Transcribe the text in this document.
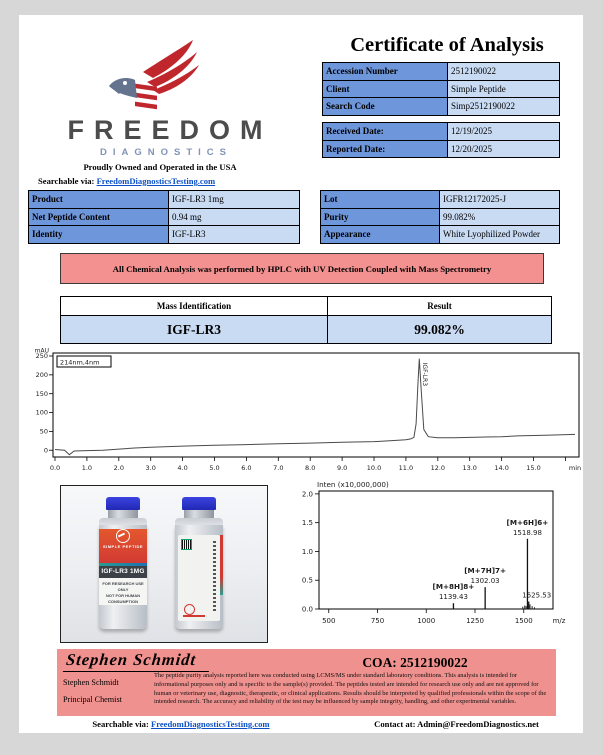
FREEDOM
DIAGNOSTICS
Proudly Owned and Operated in the USA
Searchable via: FreedomDiagnosticsTesting.com
Certificate of Analysis
Accession Number	2512190022
Client	Simple Peptide
Search Code	Simp2512190022
Received Date:	12/19/2025
Reported Date:	12/20/2025
Product	IGF-LR3 1mg
Net Peptide Content	0.94 mg
Identity	IGF-LR3
Lot	IGFR12172025-J
Purity	99.082%
Appearance	White Lyophilized Powder
All Chemical Analysis was performed by HPLC with UV Detection Coupled with Mass Spectrometry
Mass Identification	Result
IGF-LR3	99.082%
mAU
0
50
100
150
200
250
0.0	1.0	2.0	3.0	4.0	5.0	6.0	7.0	8.0	9.0	10.0	11.0	12.0	13.0	14.0	15.0	min
214nm,4nm
IGF-LR3
SIMPLE PEPTIDE
IGF-LR3 1MG
FOR RESEARCH USE ONLY
NOT FOR HUMAN CONSUMPTION
Inten (x10,000,000)
0.0
0.5
1.0
1.5
2.0
500	750	1000	1250	1500	m/z
[M+8H]8+
1139.43
[M+7H]7+
1302.03
[M+6H]6+
1518.98
1525.53
Stephen Schmidt	COA: 2512190022
Stephen Schmidt
Principal Chemist
The peptide purity analysis reported here was conducted using LCMS/MS under standard laboratory conditions. This analysis is intended for informational purposes only and is specific to the sample(s) provided. The peptides tested are intended for research use only and are not approved for human or veterinary use, diagnostic, therapeutic, or clinical applications. Results should be interpreted by qualified professionals within the scope of the intended research. The accuracy and reliability of the test may be influenced by sample integrity, handling, and other experimental variables.
Searchable via: FreedomDiagnosticsTesting.com	Contact at: Admin@FreedomDiagnostics.net
